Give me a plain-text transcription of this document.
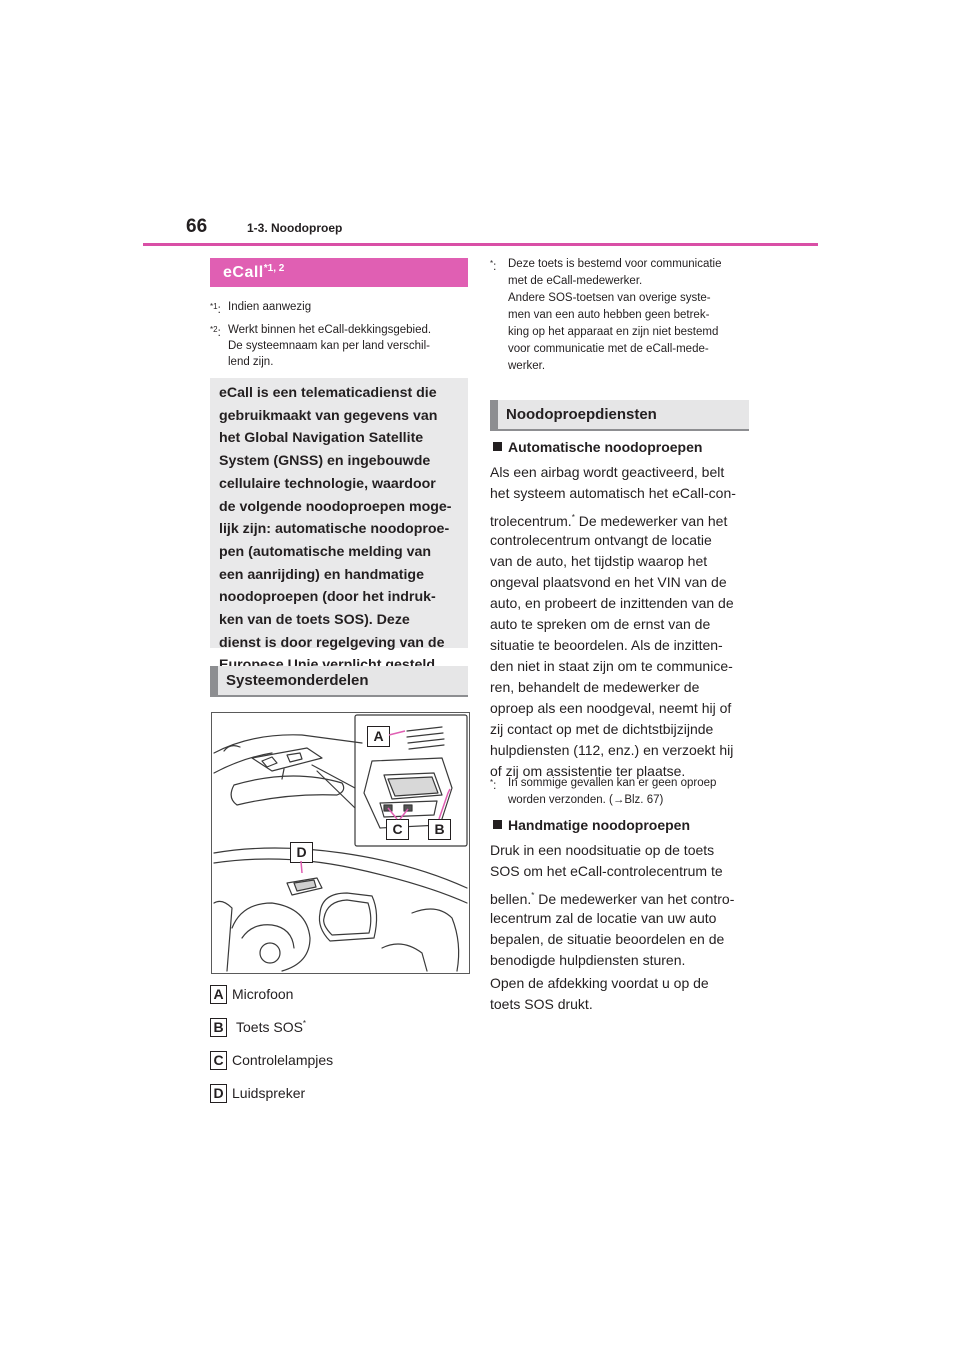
66	1-3. Noodoproep
eCall$^{*1, 2}$
$^{*1}$: Indien aanwezig
$^{*2}$: Werkt binnen het eCall-dekkingsgebied.
De systeemnaam kan per land verschil-
lend zijn.
eCall is een telematicadienst die
gebruikmaakt van gegevens van
het Global Navigation Satellite
System (GNSS) en ingebouwde
cellulaire technologie, waardoor
de volgende noodoproepen moge-
lijk zijn: automatische noodoproe-
pen (automatische melding van
een aanrijding) en handmatige
noodoproepen (door het indruk-
ken van de toets SOS). Deze
dienst is door regelgeving van de
Systeemonderdelen
A
B
C
D
A Microfoon
B Toets SOS*
C Controlelampjes
D Luidspreker
*: Deze toets is bestemd voor communicatie
met de eCall-medewerker.
Andere SOS-toetsen van overige syste-
men van een auto hebben geen betrek-
king op het apparaat en zijn niet bestemd
voor communicatie met de eCall-mede-
werker.
Noodoproepdiensten
Automatische noodoproepen
Als een airbag wordt geactiveerd, belt
het systeem automatisch het eCall-con-
trolecentrum.* De medewerker van het
controlecentrum ontvangt de locatie
van de auto, het tijdstip waarop het
ongeval plaatsvond en het VIN van de
auto, en probeert de inzittenden van de
auto te spreken om de ernst van de
situatie te beoordelen. Als de inzitten-
den niet in staat zijn om te communice-
ren, behandelt de medewerker de
oproep als een noodgeval, neemt hij of
zij contact op met de dichtstbijzijnde
hulpdiensten (112, enz.) en verzoekt hij
of zij om assistentie ter plaatse.
*: In sommige gevallen kan er geen oproep
worden verzonden. (→Blz. 67)
Handmatige noodoproepen
Druk in een noodsituatie op de toets
SOS om het eCall-controlecentrum te
bellen.* De medewerker van het contro-
lecentrum zal de locatie van uw auto
bepalen, de situatie beoordelen en de
benodigde hulpdiensten sturen.
Open de afdekking voordat u op de
toets SOS drukt.
